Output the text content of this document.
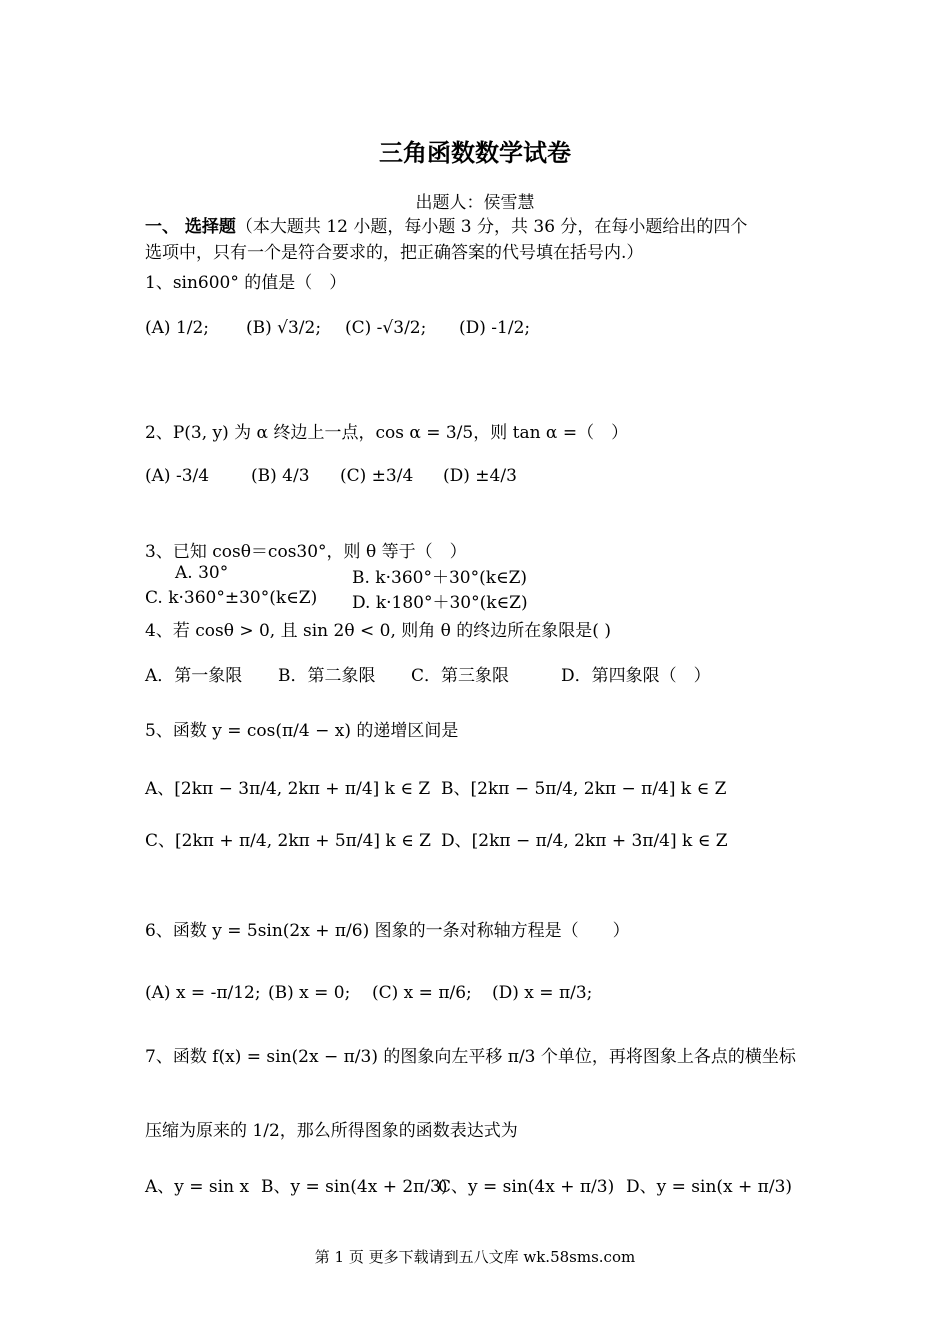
三角函数数学试卷
出题人：侯雪慧
一、 选择题（本大题共 12 小题，每小题 3 分，共 36 分，在每小题给出的四个
选项中，只有一个是符合要求的，把正确答案的代号填在括号内.）
1、sin600° 的值是（　）
(A) 1/2; (B) √3/2; (C) -√3/2; (D) -1/2;
2、P(3, y) 为 α 终边上一点，cos α = 3/5，则 tan α =（　）
(A) -3/4 (B) 4/3 (C) ±3/4 (D) ±4/3
3、已知 cosθ＝cos30°，则 θ 等于（　）
A. 30°	B. k·360°＋30°(k∈Z)
C. k·360°±30°(k∈Z) D. k·180°＋30°(k∈Z)
4、若 cosθ > 0, 且 sin 2θ < 0, 则角 θ 的终边所在象限是( )
A．第一象限 B．第二象限 C．第三象限	D．第四象限（　）
5、函数 y = cos(π/4 − x) 的递增区间是
A、[2kπ − 3π/4, 2kπ + π/4] k ∈ Z B、[2kπ − 5π/4, 2kπ − π/4] k ∈ Z
C、[2kπ + π/4, 2kπ + 5π/4] k ∈ Z D、[2kπ − π/4, 2kπ + 3π/4] k ∈ Z
6、函数 y = 5sin(2x + π/6) 图象的一条对称轴方程是（　　）
(A) x = -π/12; (B) x = 0; (C) x = π/6; (D) x = π/3;
7、函数 f(x) = sin(2x − π/3) 的图象向左平移 π/3 个单位，再将图象上各点的横坐标
压缩为原来的 1/2，那么所得图象的函数表达式为
A、y = sin x B、y = sin(4x + 2π/3)
C、y = sin(4x + π/3) D、y = sin(x + π/3)
第 1 页 更多下载请到五八文库 wk.58sms.com
